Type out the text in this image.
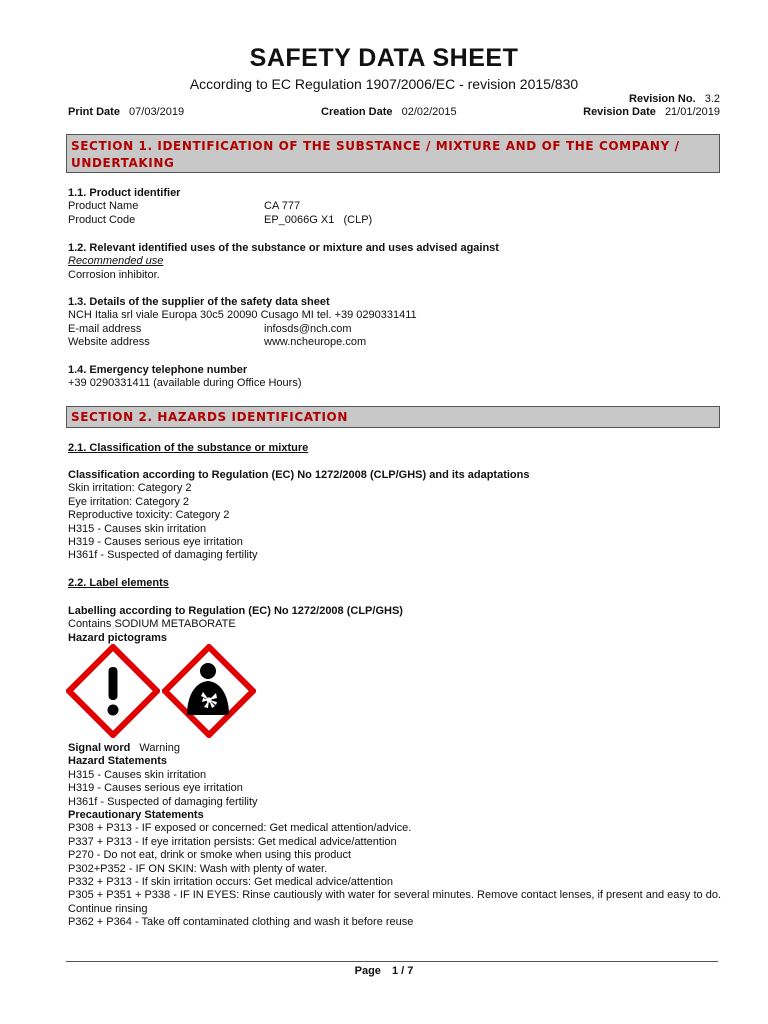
SAFETY DATA SHEET
According to EC Regulation 1907/2006/EC - revision 2015/830
Revision No. 3.2
Print Date 07/03/2019	Creation Date 02/02/2015	Revision Date 21/01/2019
SECTION 1. IDENTIFICATION OF THE SUBSTANCE / MIXTURE AND OF THE COMPANY / UNDERTAKING
1.1. Product identifier
Product Name	CA 777
Product Code	EP_0066G X1   (CLP)
1.2. Relevant identified uses of the substance or mixture and uses advised against
Recommended use
Corrosion inhibitor.
1.3. Details of the supplier of the safety data sheet
NCH Italia srl viale Europa 30c5 20090 Cusago MI tel. +39 0290331411
E-mail address	infosds@nch.com
Website address	www.ncheurope.com
1.4. Emergency telephone number
+39 0290331411 (available during Office Hours)
SECTION 2. HAZARDS IDENTIFICATION
2.1. Classification of the substance or mixture
Classification according to Regulation (EC) No 1272/2008 (CLP/GHS) and its adaptations
Skin irritation: Category 2
Eye irritation: Category 2
Reproductive toxicity: Category 2
H315 - Causes skin irritation
H319 - Causes serious eye irritation
H361f - Suspected of damaging fertility
2.2. Label elements
Labelling according to Regulation (EC) No 1272/2008 (CLP/GHS)
Contains SODIUM METABORATE
Hazard pictograms
Signal word Warning
Hazard Statements
H315 - Causes skin irritation
H319 - Causes serious eye irritation
H361f - Suspected of damaging fertility
Precautionary Statements
P308 + P313 - IF exposed or concerned: Get medical attention/advice.
P337 + P313 - If eye irritation persists: Get medical advice/attention
P270 - Do not eat, drink or smoke when using this product
P302+P352 - IF ON SKIN: Wash with plenty of water.
P332 + P313 - If skin irritation occurs: Get medical advice/attention
P305 + P351 + P338 - IF IN EYES: Rinse cautiously with water for several minutes. Remove contact lenses, if present and easy to do.
Continue rinsing
P362 + P364 - Take off contaminated clothing and wash it before reuse
Page 1 / 7
